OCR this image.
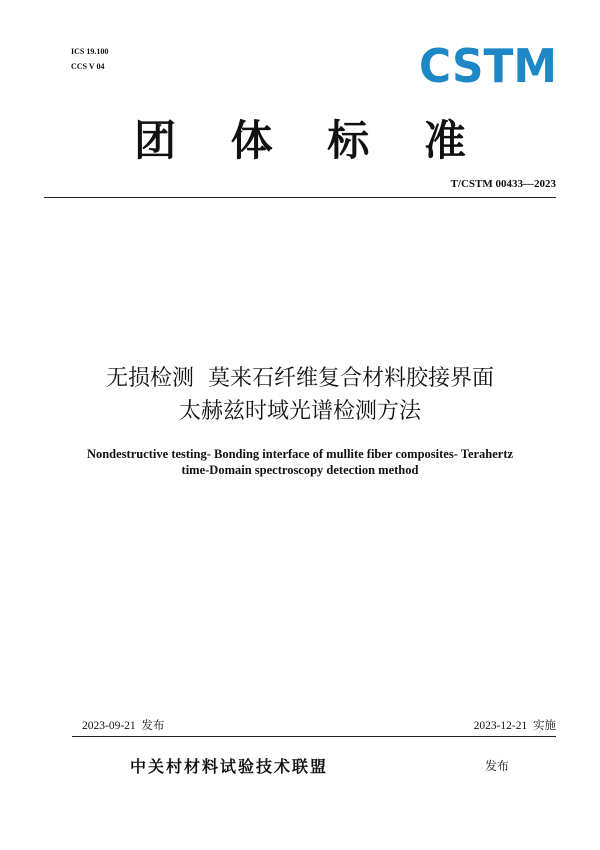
ICS 19.100
CCS V 04	CSTM
团 体 标 准
T/CSTM 00433—2023
无损检测  莫来石纤维复合材料胶接界面
太赫兹时域光谱检测方法
Nondestructive testing- Bonding interface of mullite fiber composites- Terahertz
time-Domain spectroscopy detection method
2023-09-21  发布	2023-12-21  实施
中关村材料试验技术联盟	发布
